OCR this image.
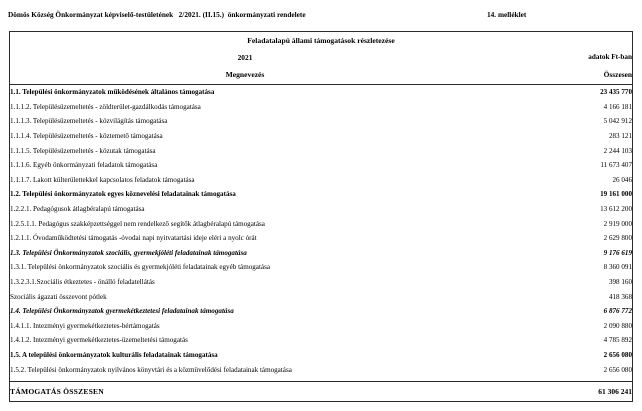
Dömös Község Önkormányzat képviselő-testületének   2/2021. (II.15.)  önkormányzati rendelete	14. melléklet
Feladatalapú állami támogatások részletezése	
2021	adatok Ft-ban
Megnevezés	Összesen
1.1. Települési önkormányzatok működésének általános támogatása	23 435 770
1.1.1.2. Településüzemeltetés - zöldterület-gazdálkodás támogatása	4 166 181
1.1.1.3. Településüzemeltetés - közvilágítás támogatása	5 042 912
1.1.1.4. Településüzemeltetés - köztemető támogatása	283 121
1.1.1.5. Településüzemeltetés - közutak támogatása	2 244 103
1.1.1.6. Egyéb önkormányzati feladatok támogatása	11 673 407
1.1.1.7. Lakott külterülettekkel kapcsolatos feladatok támogatása	26 046
1.2. Települési önkormányzatok egyes köznevelési feladatainak támogatása	19 161 000
1.2.2.1. Pedagógusok átlagbéralapú támogatása	13 612 200
1.2.5.1.1. Pedagógus szakképzettséggel nem rendelkező segítők átlagbéralapú támogatása	2 919 000
1.2.1.1. Óvodaműködtetési támogatás -óvodai napi nyitvatartási ideje eléri a nyolc órát	2 629 800
1.3. Települési Önkormányzatok szociális, gyermekjóléti feladatainak támogatása	9 176 619
1.3.1. Települési önkormányzatok szociális és gyermekjóléti feladatainak egyéb támogatása	8 360 091
1.3.2.3.1.Szociális étkeztetes - önálló feladatellátás	398 160
Szociális ágazati összevont pótlek	418 368
1.4. Települési Önkormányzatok gyermekétkeztetesi feladatainak támogatása	6 876 772
1.4.1.1. Intezményi gyermekétkeztetes-bértámogatás	2 090 880
1.4.1.2. Intezményi gyermekétkeztetes-üzemeltetési támogatás	4 785 892
1.5. A települési önkormányzatok kulturális feladatainak támogatása	2 656 080
1.5.2. Települési önkormányzatok nyilvános könyvtári és a közmüvelődési feladatainak támogatása	2 656 080

TÁMOGATÁS ÖSSZESEN	61 306 241
